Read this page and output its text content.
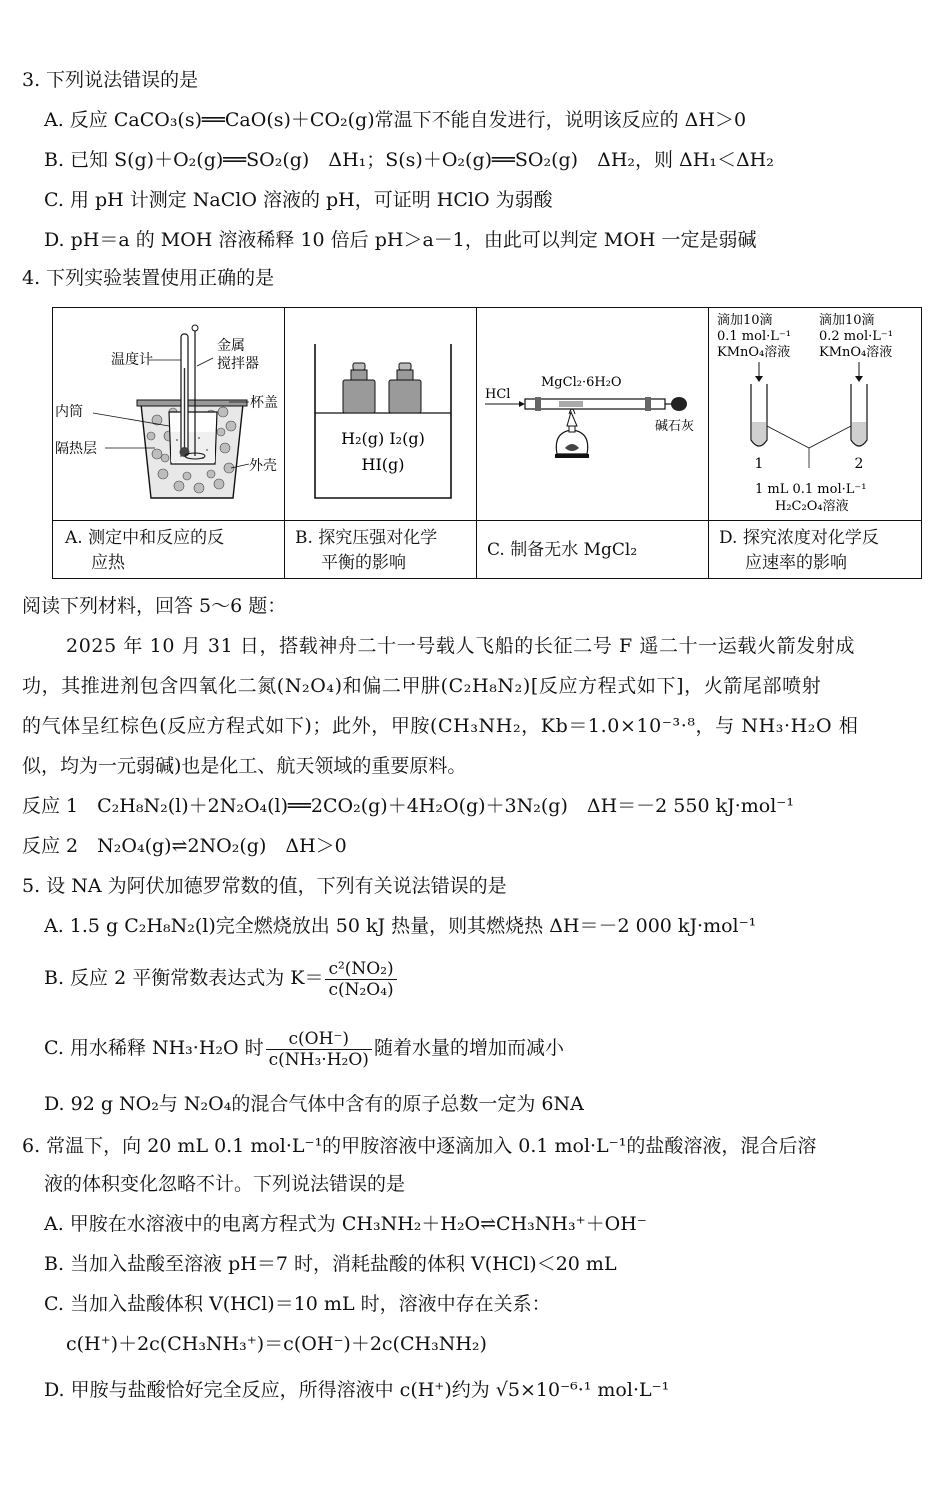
3. 下列说法错误的是
A. 反应 CaCO₃(s)══CaO(s)＋CO₂(g)常温下不能自发进行，说明该反应的 ΔH＞0
B. 已知 S(g)＋O₂(g)══SO₂(g)　ΔH₁；S(s)＋O₂(g)══SO₂(g)　ΔH₂，则 ΔH₁＜ΔH₂
C. 用 pH 计测定 NaClO 溶液的 pH，可证明 HClO 为弱酸
D. pH＝a 的 MOH 溶液稀释 10 倍后 pH＞a－1，由此可以判定 MOH 一定是弱碱
4. 下列实验装置使用正确的是
温度计
金属
搅拌器
杯盖
内筒
隔热层
外壳
H₂(g) I₂(g)
HI(g)
HCl
MgCl₂·6H₂O
碱石灰
滴加10滴
0.1 mol·L⁻¹
KMnO₄溶液
滴加10滴
0.2 mol·L⁻¹
KMnO₄溶液
1	2
1 mL 0.1 mol·L⁻¹
H₂C₂O₄溶液
A. 测定中和反应的反
应热
B. 探究压强对化学
平衡的影响
C. 制备无水 MgCl₂
D. 探究浓度对化学反
应速率的影响
阅读下列材料，回答 5～6 题：
2025 年 10 月 31 日，搭载神舟二十一号载人飞船的长征二号 F 遥二十一运载火箭发射成
功，其推进剂包含四氧化二氮(N₂O₄)和偏二甲肼(C₂H₈N₂)[反应方程式如下]，火箭尾部喷射
的气体呈红棕色(反应方程式如下)；此外，甲胺(CH₃NH₂，Kb＝1.0×10⁻³·⁸，与 NH₃·H₂O 相
似，均为一元弱碱)也是化工、航天领域的重要原料。
反应 1　C₂H₈N₂(l)＋2N₂O₄(l)══2CO₂(g)＋4H₂O(g)＋3N₂(g)　ΔH＝－2 550 kJ·mol⁻¹
反应 2　N₂O₄(g)⇌2NO₂(g)　ΔH＞0
5. 设 NA 为阿伏加德罗常数的值，下列有关说法错误的是
A. 1.5 g C₂H₈N₂(l)完全燃烧放出 50 kJ 热量，则其燃烧热 ΔH＝－2 000 kJ·mol⁻¹
B. 反应 2 平衡常数表达式为 $K= \frac{\text{c²(NO₂)}}{\text{c(N₂O₄)}}$
C. 用水稀释 NH₃·H₂O 时 $\frac{c(OH^-)}{\text{c(NH₃·H₂O)}}$ 随着水量的增加而减小
D. 92 g NO₂与 N₂O₄的混合气体中含有的原子总数一定为 6NA
6. 常温下，向 20 mL 0.1 mol·L⁻¹的甲胺溶液中逐滴加入 0.1 mol·L⁻¹的盐酸溶液，混合后溶
液的体积变化忽略不计。下列说法错误的是
A. 甲胺在水溶液中的电离方程式为 CH₃NH₂＋H₂O⇌CH₃NH₃⁺＋OH⁻
B. 当加入盐酸至溶液 pH＝7 时，消耗盐酸的体积 V(HCl)＜20 mL
C. 当加入盐酸体积 V(HCl)＝10 mL 时，溶液中存在关系：
c(H⁺)＋2c(CH₃NH₃⁺)＝c(OH⁻)＋2c(CH₃NH₂)
D. 甲胺与盐酸恰好完全反应，所得溶液中 c(H⁺)约为 √5×10⁻⁶·¹ mol·L⁻¹
